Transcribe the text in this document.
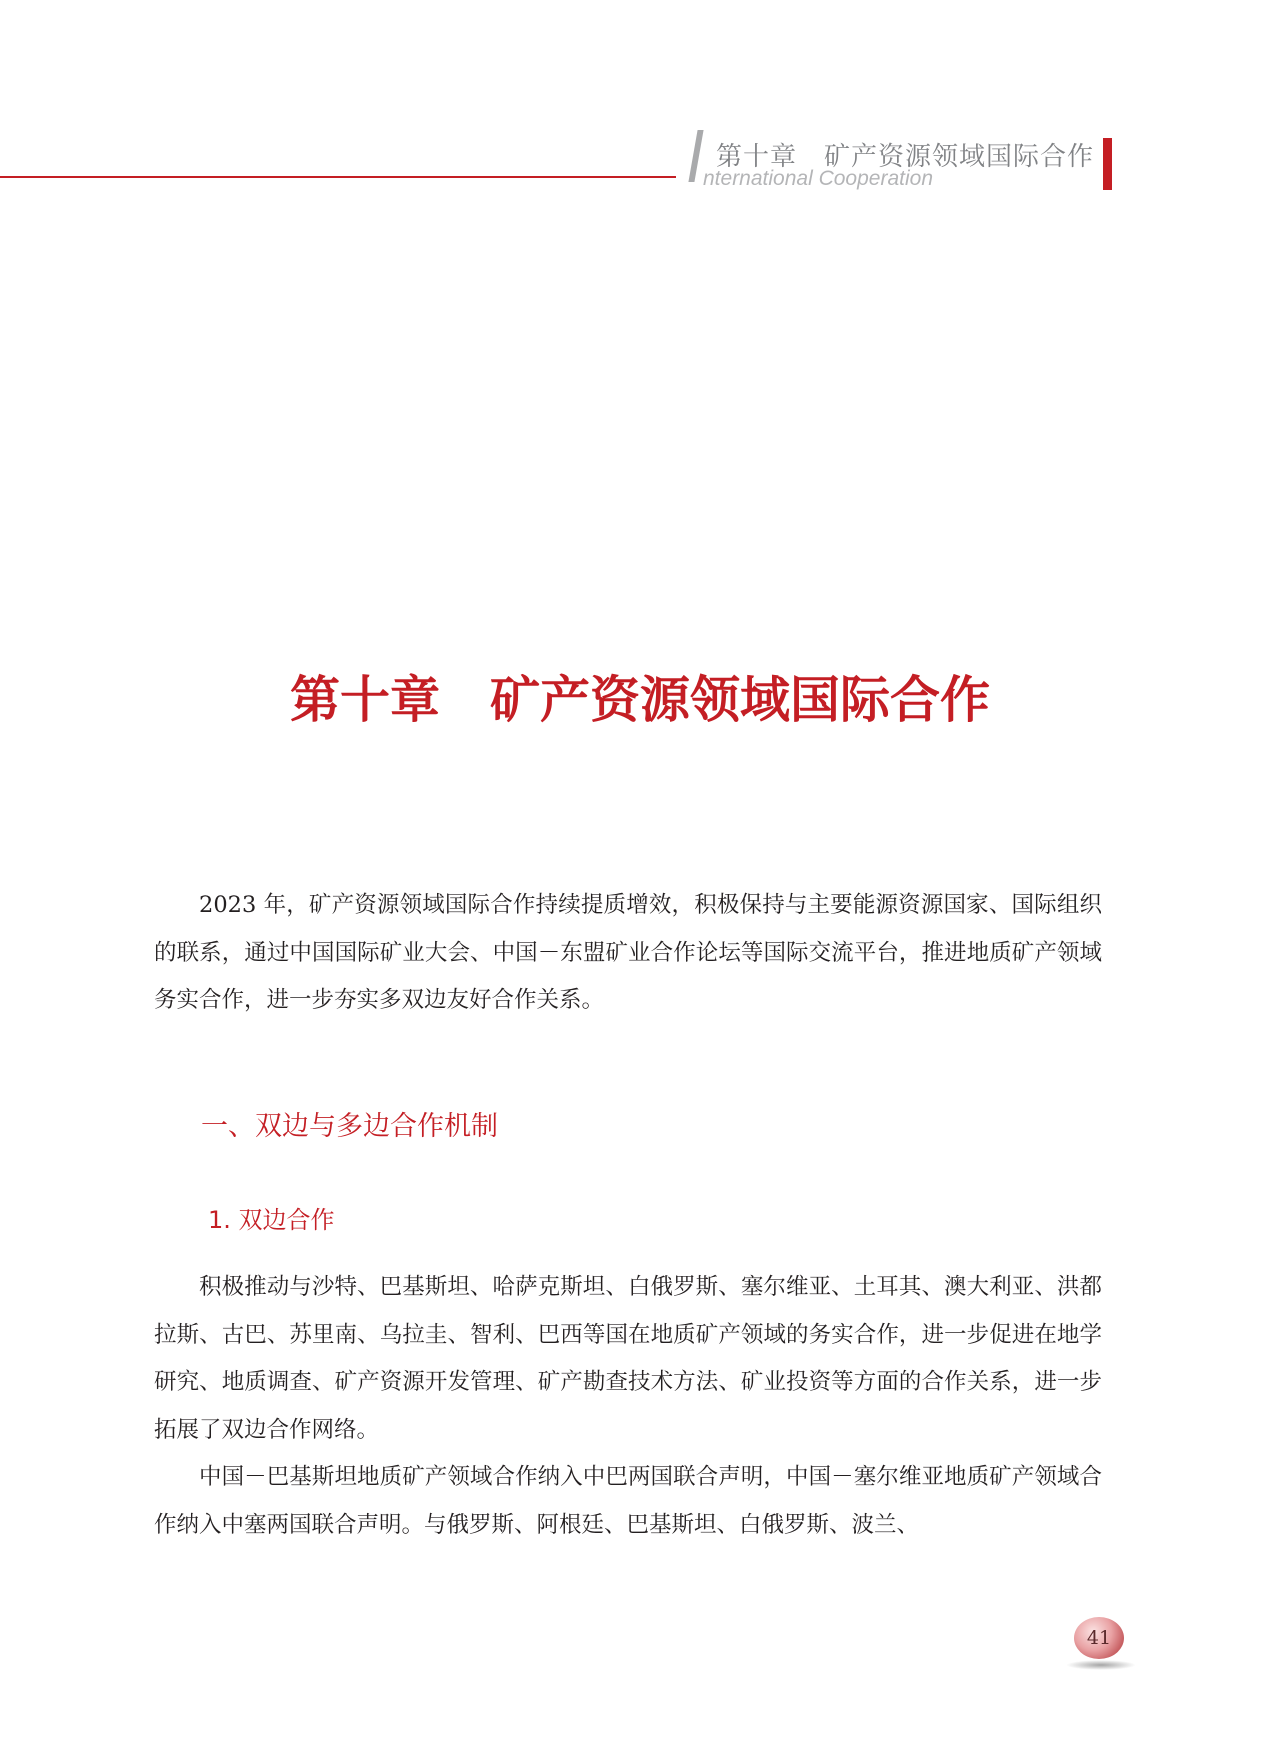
第十章　矿产资源领域国际合作
nternational Cooperation
第十章　矿产资源领域国际合作

2023 年，矿产资源领域国际合作持续提质增效，积极保持与主要能源资源国家、国际组织的联系，通过中国国际矿业大会、中国－东盟矿业合作论坛等国际交流平台，推进地质矿产领域务实合作，进一步夯实多双边友好合作关系。

一、双边与多边合作机制
1. 双边合作

积极推动与沙特、巴基斯坦、哈萨克斯坦、白俄罗斯、塞尔维亚、土耳其、澳大利亚、洪都拉斯、古巴、苏里南、乌拉圭、智利、巴西等国在地质矿产领域的务实合作，进一步促进在地学研究、地质调查、矿产资源开发管理、矿产勘查技术方法、矿业投资等方面的合作关系，进一步拓展了双边合作网络。

中国－巴基斯坦地质矿产领域合作纳入中巴两国联合声明，中国－塞尔维亚地质矿产领域合作纳入中塞两国联合声明。与俄罗斯、阿根廷、巴基斯坦、白俄罗斯、波兰、

41
